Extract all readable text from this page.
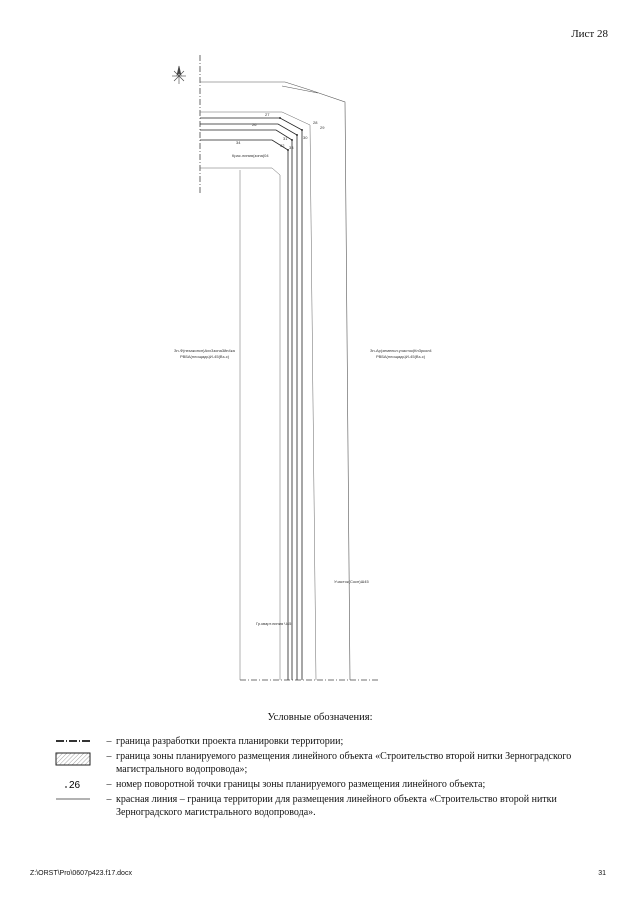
Лист 28
26
27
28
29
30
31
32 33
34
Крас.линия(зона)04
Зн-Ф(незаконсн)Ахх3зона3йн4ка
РВБА(площадь)И-45(Вз-с)
Зн-Ар(земельн.участок)Кн3ркол4
РВБА(площадь)И-45(Вз-с)
Участок(Сосн)Ш45
Гр.кварт.линия Ч45
Условные обозначения:
– граница разработки проекта планировки территории;
– граница зоны планируемого размещения линейного объекта «Строительство второй нитки Зерноградского магистрального водопровода»;
26	– номер поворотной точки границы зоны планируемого размещения линейного объекта;
– красная линия – граница территории для размещения линейного объекта «Строительство второй нитки Зерноградского магистрального водопровода».
Z:\ORST\Pro\0607p423.f17.docx	31
